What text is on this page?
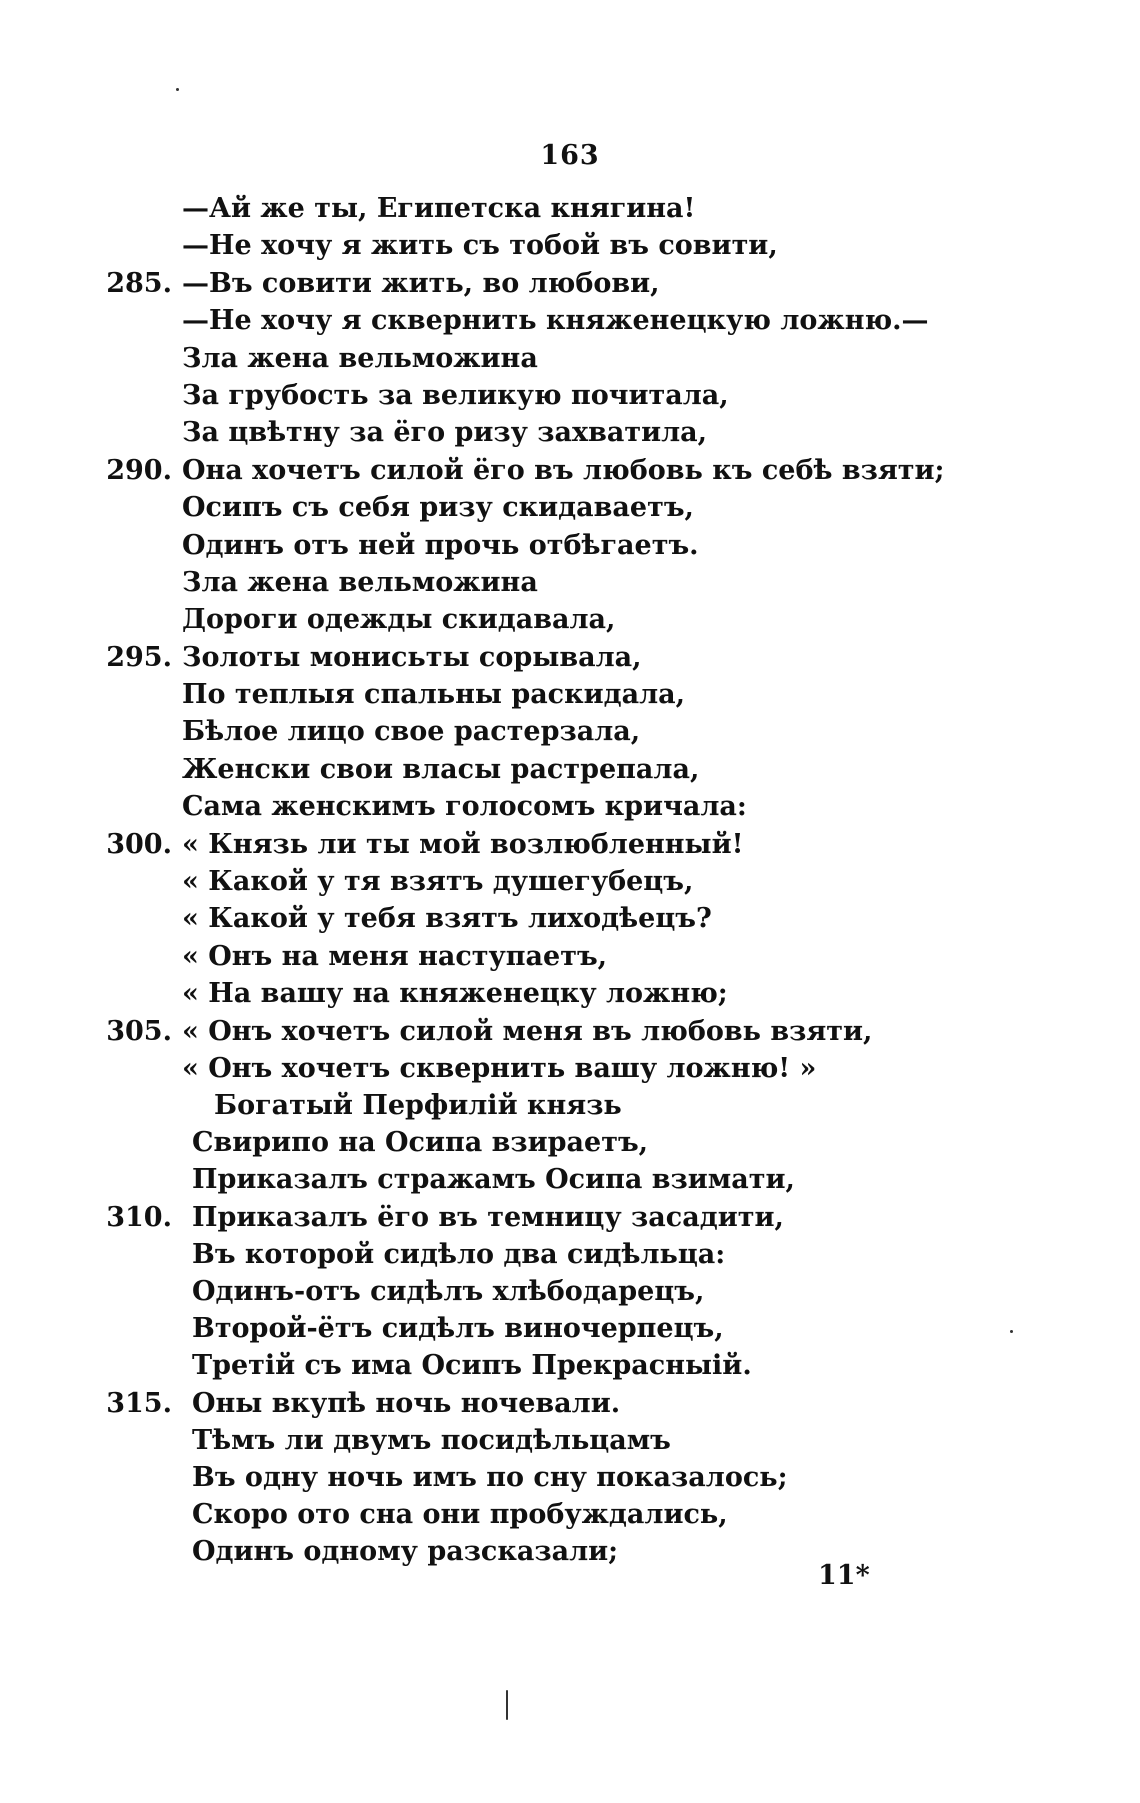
163
—Ай же ты, Египетска княгина!
—Не хочу я жить съ тобой въ совити,
285. —Въ совити жить, во любови,
—Не хочу я сквернить княженецкую ложню.—
Зла жена вельможина
За грубость за великую почитала,
За цвѣтну за ёго ризу захватила,
290. Она хочетъ силой ёго въ любовь къ себѣ взяти;
Осипъ съ себя ризу скидаваетъ,
Одинъ отъ ней прочь отбѣгаетъ.
Зла жена вельможина
Дороги одежды скидавала,
295. Золоты монисьты сорывала,
По теплыя спальны раскидала,
Бѣлое лицо свое растерзала,
Женски свои власы растрепала,
Сама женскимъ голосомъ кричала:
300. « Князь ли ты мой возлюбленный!
« Какой у тя взятъ душегубецъ,
« Какой у тебя взятъ лиходѣецъ?
« Онъ на меня наступаетъ,
« На вашу на княженецку ложню;
305. « Онъ хочетъ силой меня въ любовь взяти,
« Онъ хочетъ сквернить вашу ложню! »
Богатый Перфилій князь
Свирипо на Осипа взираетъ,
Приказалъ стражамъ Осипа взимати,
310. Приказалъ ёго въ темницу засадити,
Въ которой сидѣло два сидѣльца:
Одинъ-отъ сидѣлъ хлѣбодарецъ,
Второй-ётъ сидѣлъ виночерпецъ,
Третій съ има Осипъ Прекрасныій.
315. Оны вкупѣ ночь ночевали.
Тѣмъ ли двумъ посидѣльцамъ
Въ одну ночь имъ по сну показалось;
Скоро ото сна они пробуждались,
Одинъ одному разсказали;
11*
